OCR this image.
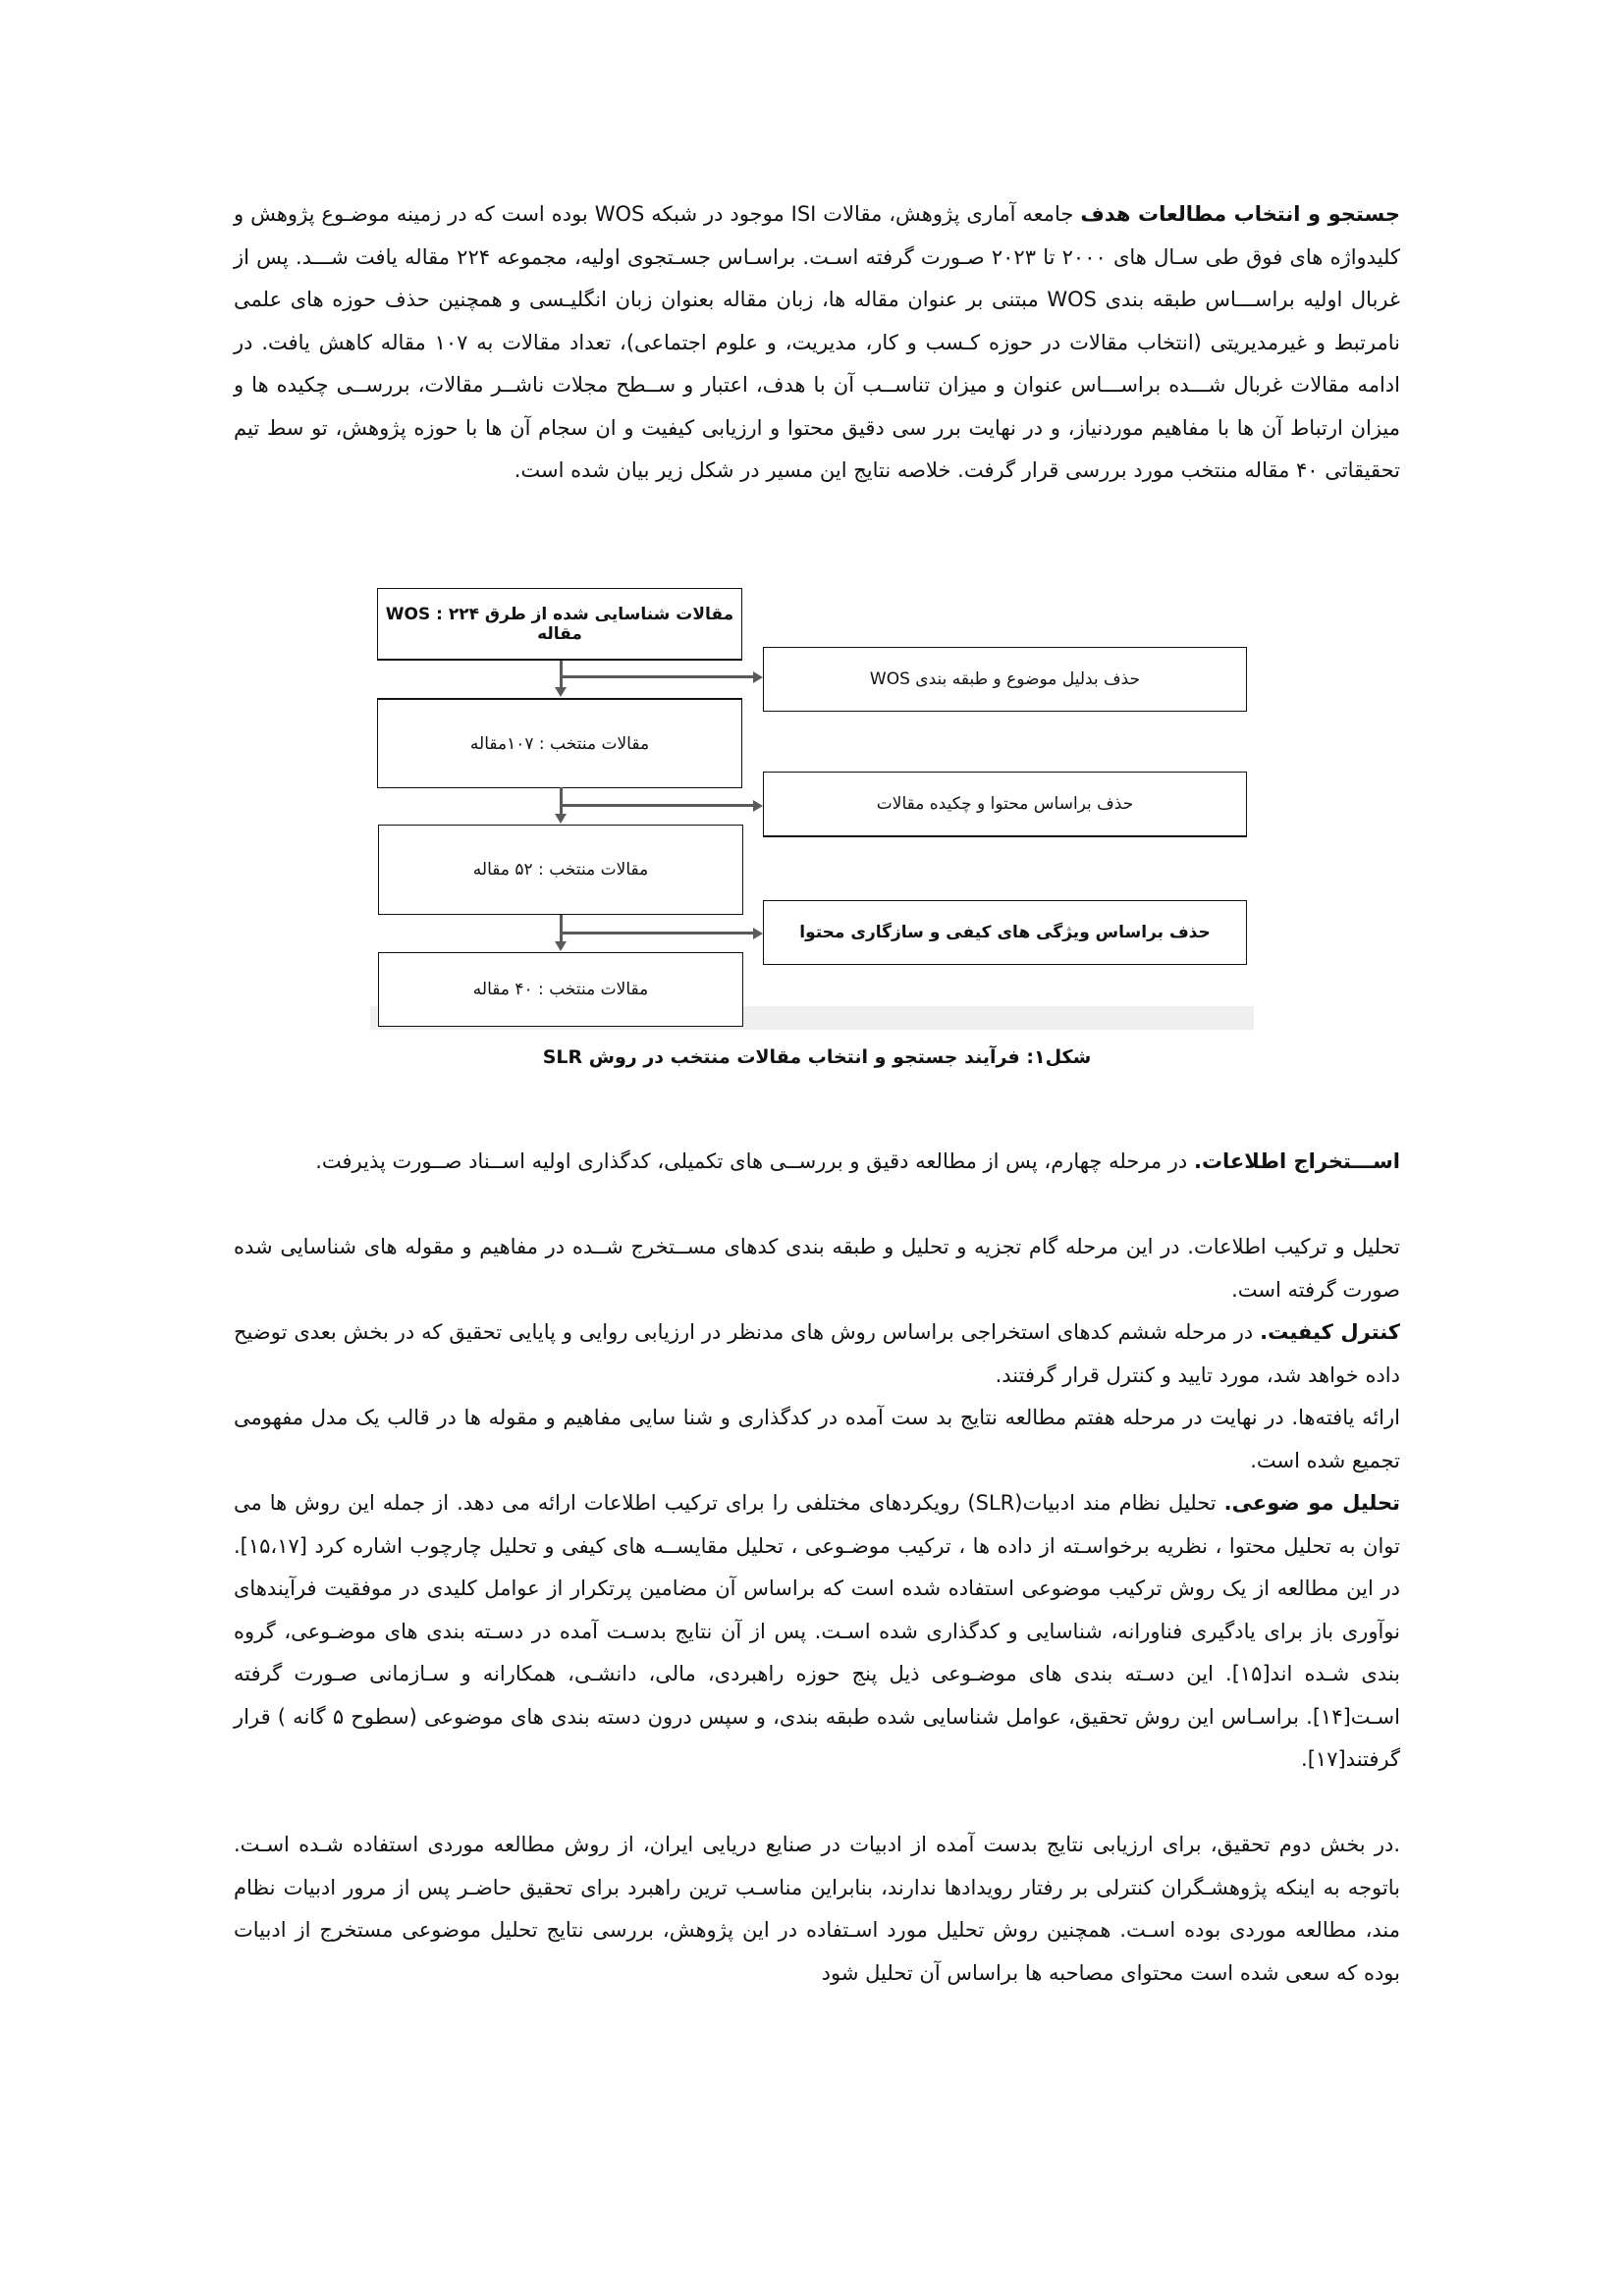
جستجو و انتخاب مطالعات هدف جامعه آماری پژوهش، مقالات ISI موجود در شبکه WOS بوده است که در زمینه موضـوع پژوهش و کلیدواژه های فوق طی سـال های ۲۰۰۰ تا ۲۰۲۳ صـورت گرفته اسـت. براسـاس جسـتجوی اولیه، مجموعه ۲۲۴ مقاله یافت شـــد. پس از غربال اولیه براســـاس طبقه بندی WOS مبتنی بر عنوان مقاله ها، زبان مقاله بعنوان زبان انگلیـسی و همچنین حذف حوزه های علمی نامرتبط و غیرمدیریتی (انتخاب مقالات در حوزه کـسب و کار، مدیریت، و علوم اجتماعی)، تعداد مقالات به ۱۰۷ مقاله کاهش یافت. در ادامه مقالات غربال شـــده براســـاس عنوان و میزان تناســب آن با هدف، اعتبار و ســطح مجلات ناشــر مقالات، بررســی چکیده ها و میزان ارتباط آن ها با مفاهیم موردنیاز، و در نهایت برر سی دقیق محتوا و ارزیابی کیفیت و ان سجام آن ها با حوزه پژوهش، تو سط تیم تحقیقاتی ۴۰ مقاله منتخب مورد بررسی قرار گرفت. خلاصه نتایج این مسیر در شکل زیر بیان شده است.

مقالات شناسایی شده از طرق WOS : ۲۲۴ مقاله
مقالات منتخب : ۱۰۷مقاله
مقالات منتخب : ۵۲ مقاله
مقالات منتخب : ۴۰ مقاله
حذف بدلیل موضوع و طبقه بندی WOS
حذف براساس محتوا و چکیده مقالات
حذف براساس ویژگی های کیفی و سازگاری محتوا
شکل۱: فرآیند جستجو و انتخاب مقالات منتخب در روش SLR

اســـتخراج اطلاعات. در مرحله چهارم، پس از مطالعه دقیق و بررســی های تکمیلی، کدگذاری اولیه اســناد صــورت پذیرفت.

تحلیل و ترکیب اطلاعات. در این مرحله گام تجزیه و تحلیل و طبقه بندی کدهای مســتخرج شــده در مفاهیم و مقوله های شناسایی شده صورت گرفته است.

کنترل کیفیت. در مرحله ششم کدهای استخراجی براساس روش های مدنظر در ارزیابی روایی و پایایی تحقیق که در بخش بعدی توضیح داده خواهد شد، مورد تایید و کنترل قرار گرفتند.

ارائه یافته‌ها. در نهایت در مرحله هفتم مطالعه نتایج بد ست آمده در کدگذاری و شنا سایی مفاهیم و مقوله ها در قالب یک مدل مفهومی تجمیع شده است.

تحلیل مو ضوعی. تحلیل نظام مند ادبیات(SLR) رویکردهای مختلفی را برای ترکیب اطلاعات ارائه می دهد. از جمله این روش ها می توان به تحلیل محتوا ، نظریه برخواسـته از داده ها ، ترکیب موضـوعی ، تحلیل مقایســه های کیفی و تحلیل چارچوب اشاره کرد [۱۵،۱۷]. در این مطالعه از یک روش ترکیب موضوعی استفاده شده است که براساس آن مضامین پرتکرار از عوامل کلیدی در موفقیت فرآیندهای نوآوری باز برای یادگیری فناورانه، شناسایی و کدگذاری شده اسـت. پس از آن نتایج بدسـت آمده در دسـته بندی های موضـوعی، گروه بندی شـده اند[۱۵]. این دسـته بندی های موضـوعی ذیل پنج حوزه راهبردی، مالی، دانشـی، همکارانه و سـازمانی صـورت گرفته اسـت[۱۴]. براسـاس این روش تحقیق، عوامل شناسایی شده طبقه بندی، و سپس درون دسته بندی های موضوعی (سطوح ۵ گانه ) قرار گرفتند[۱۷].

.در بخش دوم تحقیق، برای ارزیابی نتایج بدست آمده از ادبیات در صنایع دریایی ایران، از روش مطالعه موردی استفاده شـده اسـت. باتوجه به اینکه پژوهشـگران کنترلی بر رفتار رویدادها ندارند، بنابراین مناسـب ترین راهبرد برای تحقیق حاضـر پس از مرور ادبیات نظام مند، مطالعه موردی بوده اسـت. همچنین روش تحلیل مورد اسـتفاده در این پژوهش، بررسی نتایج تحلیل موضوعی مستخرج از ادبیات بوده که سعی شده است محتوای مصاحبه ها براساس آن تحلیل شود
